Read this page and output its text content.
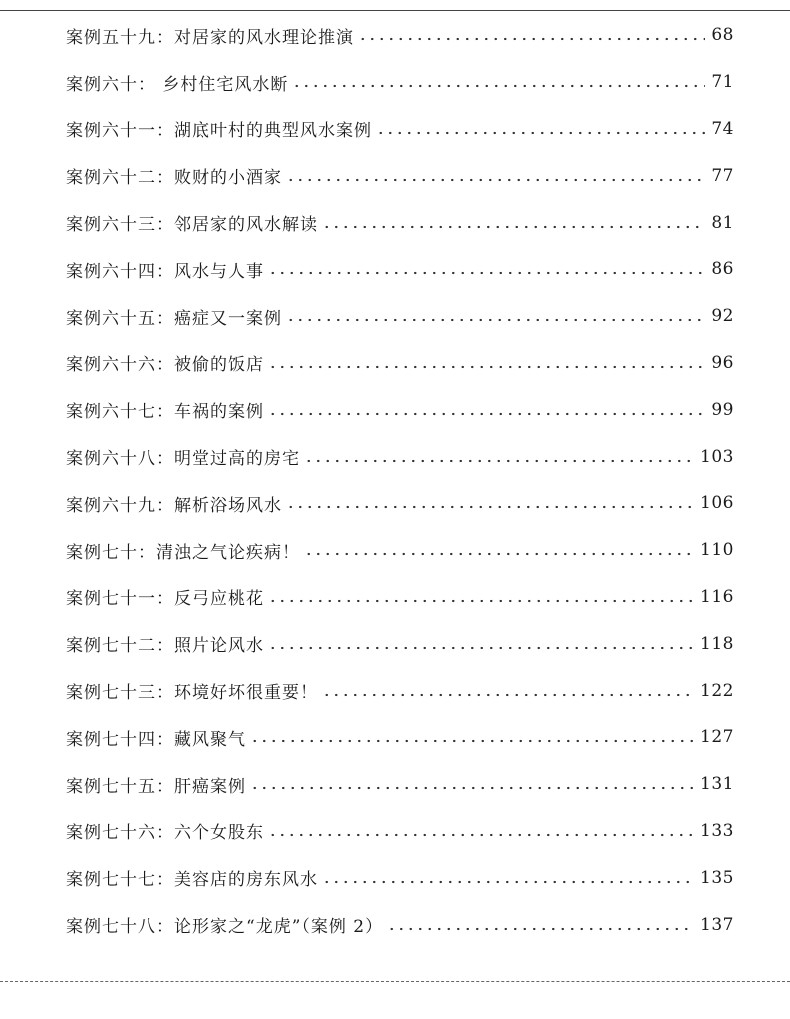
案例五十九：对居家的风水理论推演	68
案例六十： 乡村住宅风水断	71
案例六十一：湖底叶村的典型风水案例	74
案例六十二：败财的小酒家	77
案例六十三：邻居家的风水解读	81
案例六十四：风水与人事	86
案例六十五：癌症又一案例	92
案例六十六：被偷的饭店	96
案例六十七：车祸的案例	99
案例六十八：明堂过高的房宅	103
案例六十九：解析浴场风水	106
案例七十：清浊之气论疾病！	110
案例七十一：反弓应桃花	116
案例七十二：照片论风水	118
案例七十三：环境好坏很重要！	122
案例七十四：藏风聚气	127
案例七十五：肝癌案例	131
案例七十六：六个女股东	133
案例七十七：美容店的房东风水	135
案例七十八：论形家之“龙虎”（案例 2）	137
